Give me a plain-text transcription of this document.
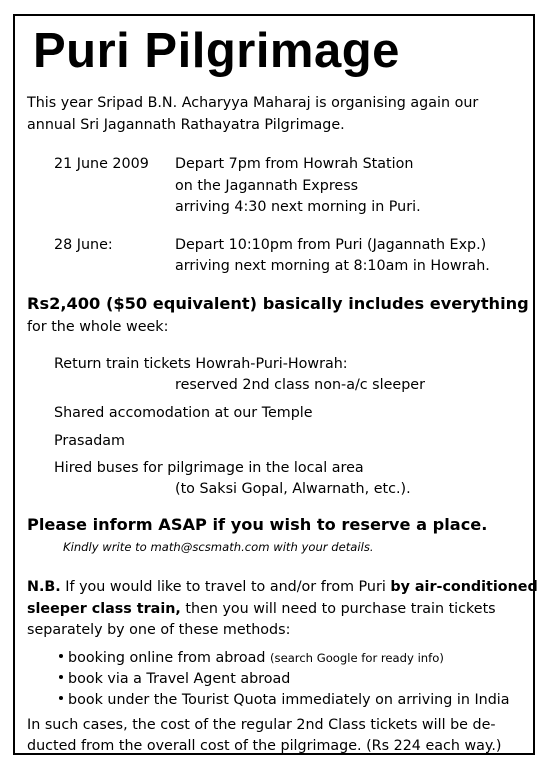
Puri Pilgrimage
This year Sripad B.N. Acharyya Maharaj is organising again our
annual Sri Jagannath Rathayatra Pilgrimage.
21 June 2009 Depart 7pm from Howrah Station
on the Jagannath Express
arriving 4:30 next morning in Puri.
28 June:	Depart 10:10pm from Puri (Jagannath Exp.)
arriving next morning at 8:10am in Howrah.
Rs2,400 ($50 equivalent) basically includes everything
for the whole week:
Return train tickets Howrah-Puri-Howrah:
reserved 2nd class non-a/c sleeper
Shared accomodation at our Temple
Prasadam
Hired buses for pilgrimage in the local area
(to Saksi Gopal, Alwarnath, etc.).
Please inform ASAP if you wish to reserve a place.
Kindly write to math@scsmath.com with your details.
N.B. If you would like to travel to and/or from Puri by air-conditioned
sleeper class train, then you will need to purchase train tickets
separately by one of these methods:
booking online from abroad (search Google for ready info)
book via a Travel Agent abroad
book under the Tourist Quota immediately on arriving in India
In such cases, the cost of the regular 2nd Class tickets will be de-
ducted from the overall cost of the pilgrimage. (Rs 224 each way.)
